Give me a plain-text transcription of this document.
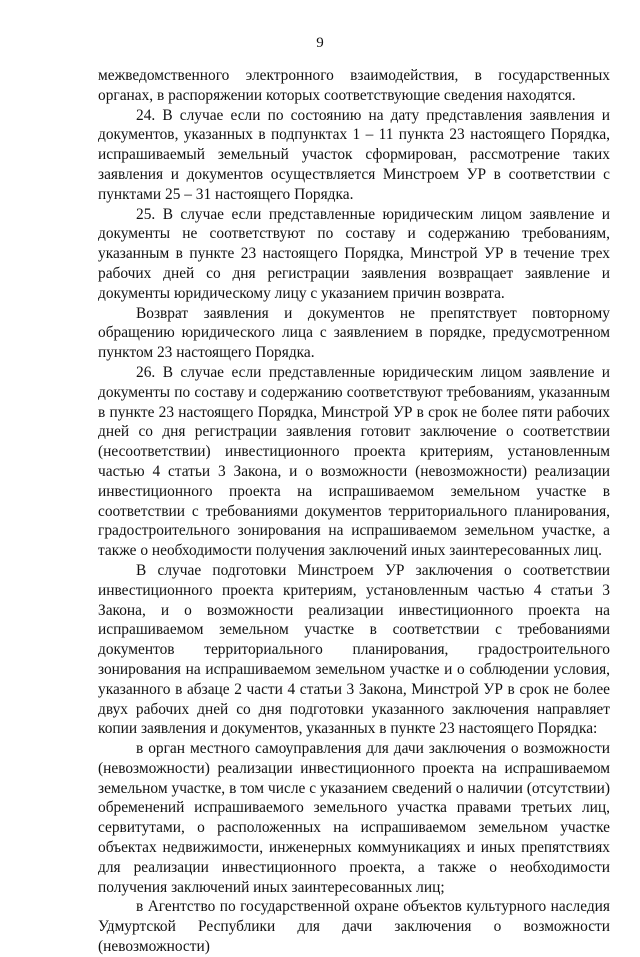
9

межведомственного электронного взаимодействия, в государственных органах, в распоряжении которых соответствующие сведения находятся.

24. В случае если по состоянию на дату представления заявления и документов, указанных в подпунктах 1 – 11 пункта 23 настоящего Порядка, испрашиваемый земельный участок сформирован, рассмотрение таких заявления и документов осуществляется Минстроем УР в соответствии с пунктами 25 – 31 настоящего Порядка.

25. В случае если представленные юридическим лицом заявление и документы не соответствуют по составу и содержанию требованиям, указанным в пункте 23 настоящего Порядка, Минстрой УР в течение трех рабочих дней со дня регистрации заявления возвращает заявление и документы юридическому лицу с указанием причин возврата.

Возврат заявления и документов не препятствует повторному обращению юридического лица с заявлением в порядке, предусмотренном пунктом 23 настоящего Порядка.

26. В случае если представленные юридическим лицом заявление и документы по составу и содержанию соответствуют требованиям, указанным в пункте 23 настоящего Порядка, Минстрой УР в срок не более пяти рабочих дней со дня регистрации заявления готовит заключение о соответствии (несоответствии) инвестиционного проекта критериям, установленным частью 4 статьи 3 Закона, и о возможности (невозможности) реализации инвестиционного проекта на испрашиваемом земельном участке в соответствии с требованиями документов территориального планирования, градостроительного зонирования на испрашиваемом земельном участке, а также о необходимости получения заключений иных заинтересованных лиц.

В случае подготовки Минстроем УР заключения о соответствии инвестиционного проекта критериям, установленным частью 4 статьи 3 Закона, и о возможности реализации инвестиционного проекта на испрашиваемом земельном участке в соответствии с требованиями документов территориального планирования, градостроительного зонирования на испрашиваемом земельном участке и о соблюдении условия, указанного в абзаце 2 части 4 статьи 3 Закона, Минстрой УР в срок не более двух рабочих дней со дня подготовки указанного заключения направляет копии заявления и документов, указанных в пункте 23 настоящего Порядка:

в орган местного самоуправления для дачи заключения о возможности (невозможности) реализации инвестиционного проекта на испрашиваемом земельном участке, в том числе с указанием сведений о наличии (отсутствии) обременений испрашиваемого земельного участка правами третьих лиц, сервитутами, о расположенных на испрашиваемом земельном участке объектах недвижимости, инженерных коммуникациях и иных препятствиях для реализации инвестиционного проекта, а также о необходимости получения заключений иных заинтересованных лиц;

в Агентство по государственной охране объектов культурного наследия Удмуртской Республики для дачи заключения о возможности (невозможности)
